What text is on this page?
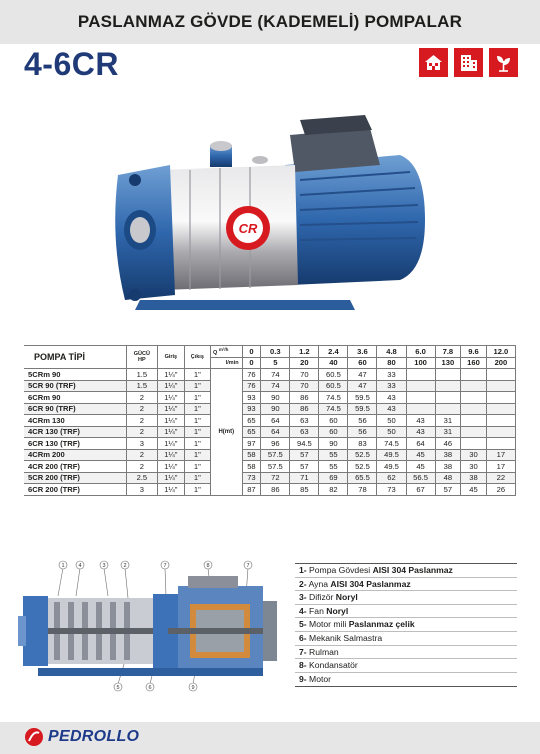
PASLANMAZ GÖVDE (KADEMELİ) POMPALAR
4-6CR
CR
POMPA TİPİ	GÜCÜ
HP	Giriş	Çıkış	Q $^{m^3/h}$	0	0.3	1.2	2.4	3.6	4.8	6.0	7.8	9.6	12.0
				l/min	0	5	20	40	60	80	100	130	160	200
5CRm 90	1.5	1¼"	1"	H(mt)	76	74	70	60.5	47	33				
5CR 90 (TRF)	1.5	1¼"	1"		76	74	70	60.5	47	33				
6CRm 90	2	1¼"	1"		93	90	86	74.5	59.5	43				
6CR 90 (TRF)	2	1¼"	1"		93	90	86	74.5	59.5	43				
4CRm 130	2	1¼"	1"		65	64	63	60	56	50	43	31		
4CR 130 (TRF)	2	1¼"	1"		65	64	63	60	56	50	43	31		
6CR 130 (TRF)	3	1¼"	1"		97	96	94.5	90	83	74.5	64	46		
4CRm 200	2	1¼"	1"		58	57.5	57	55	52.5	49.5	45	38	30	17
4CR 200 (TRF)	2	1¼"	1"		58	57.5	57	55	52.5	49.5	45	38	30	17
5CR 200 (TRF)	2.5	1¼"	1"		73	72	71	69	65.5	62	56.5	48	38	22
6CR 200 (TRF)	3	1¼"	1"		87	86	85	82	78	73	67	57	45	26
1	4	3	2	7	8	7
5	6	9
1- Pompa Gövdesi AISI 304 Paslanmaz
2- Ayna AISI 304 Paslanmaz
3- Difizör Noryl
4- Fan Noryl
5- Motor mili Paslanmaz çelik
6- Mekanik Salmastra
7- Rulman
8- Kondansatör
9- Motor
PEDROLLO
